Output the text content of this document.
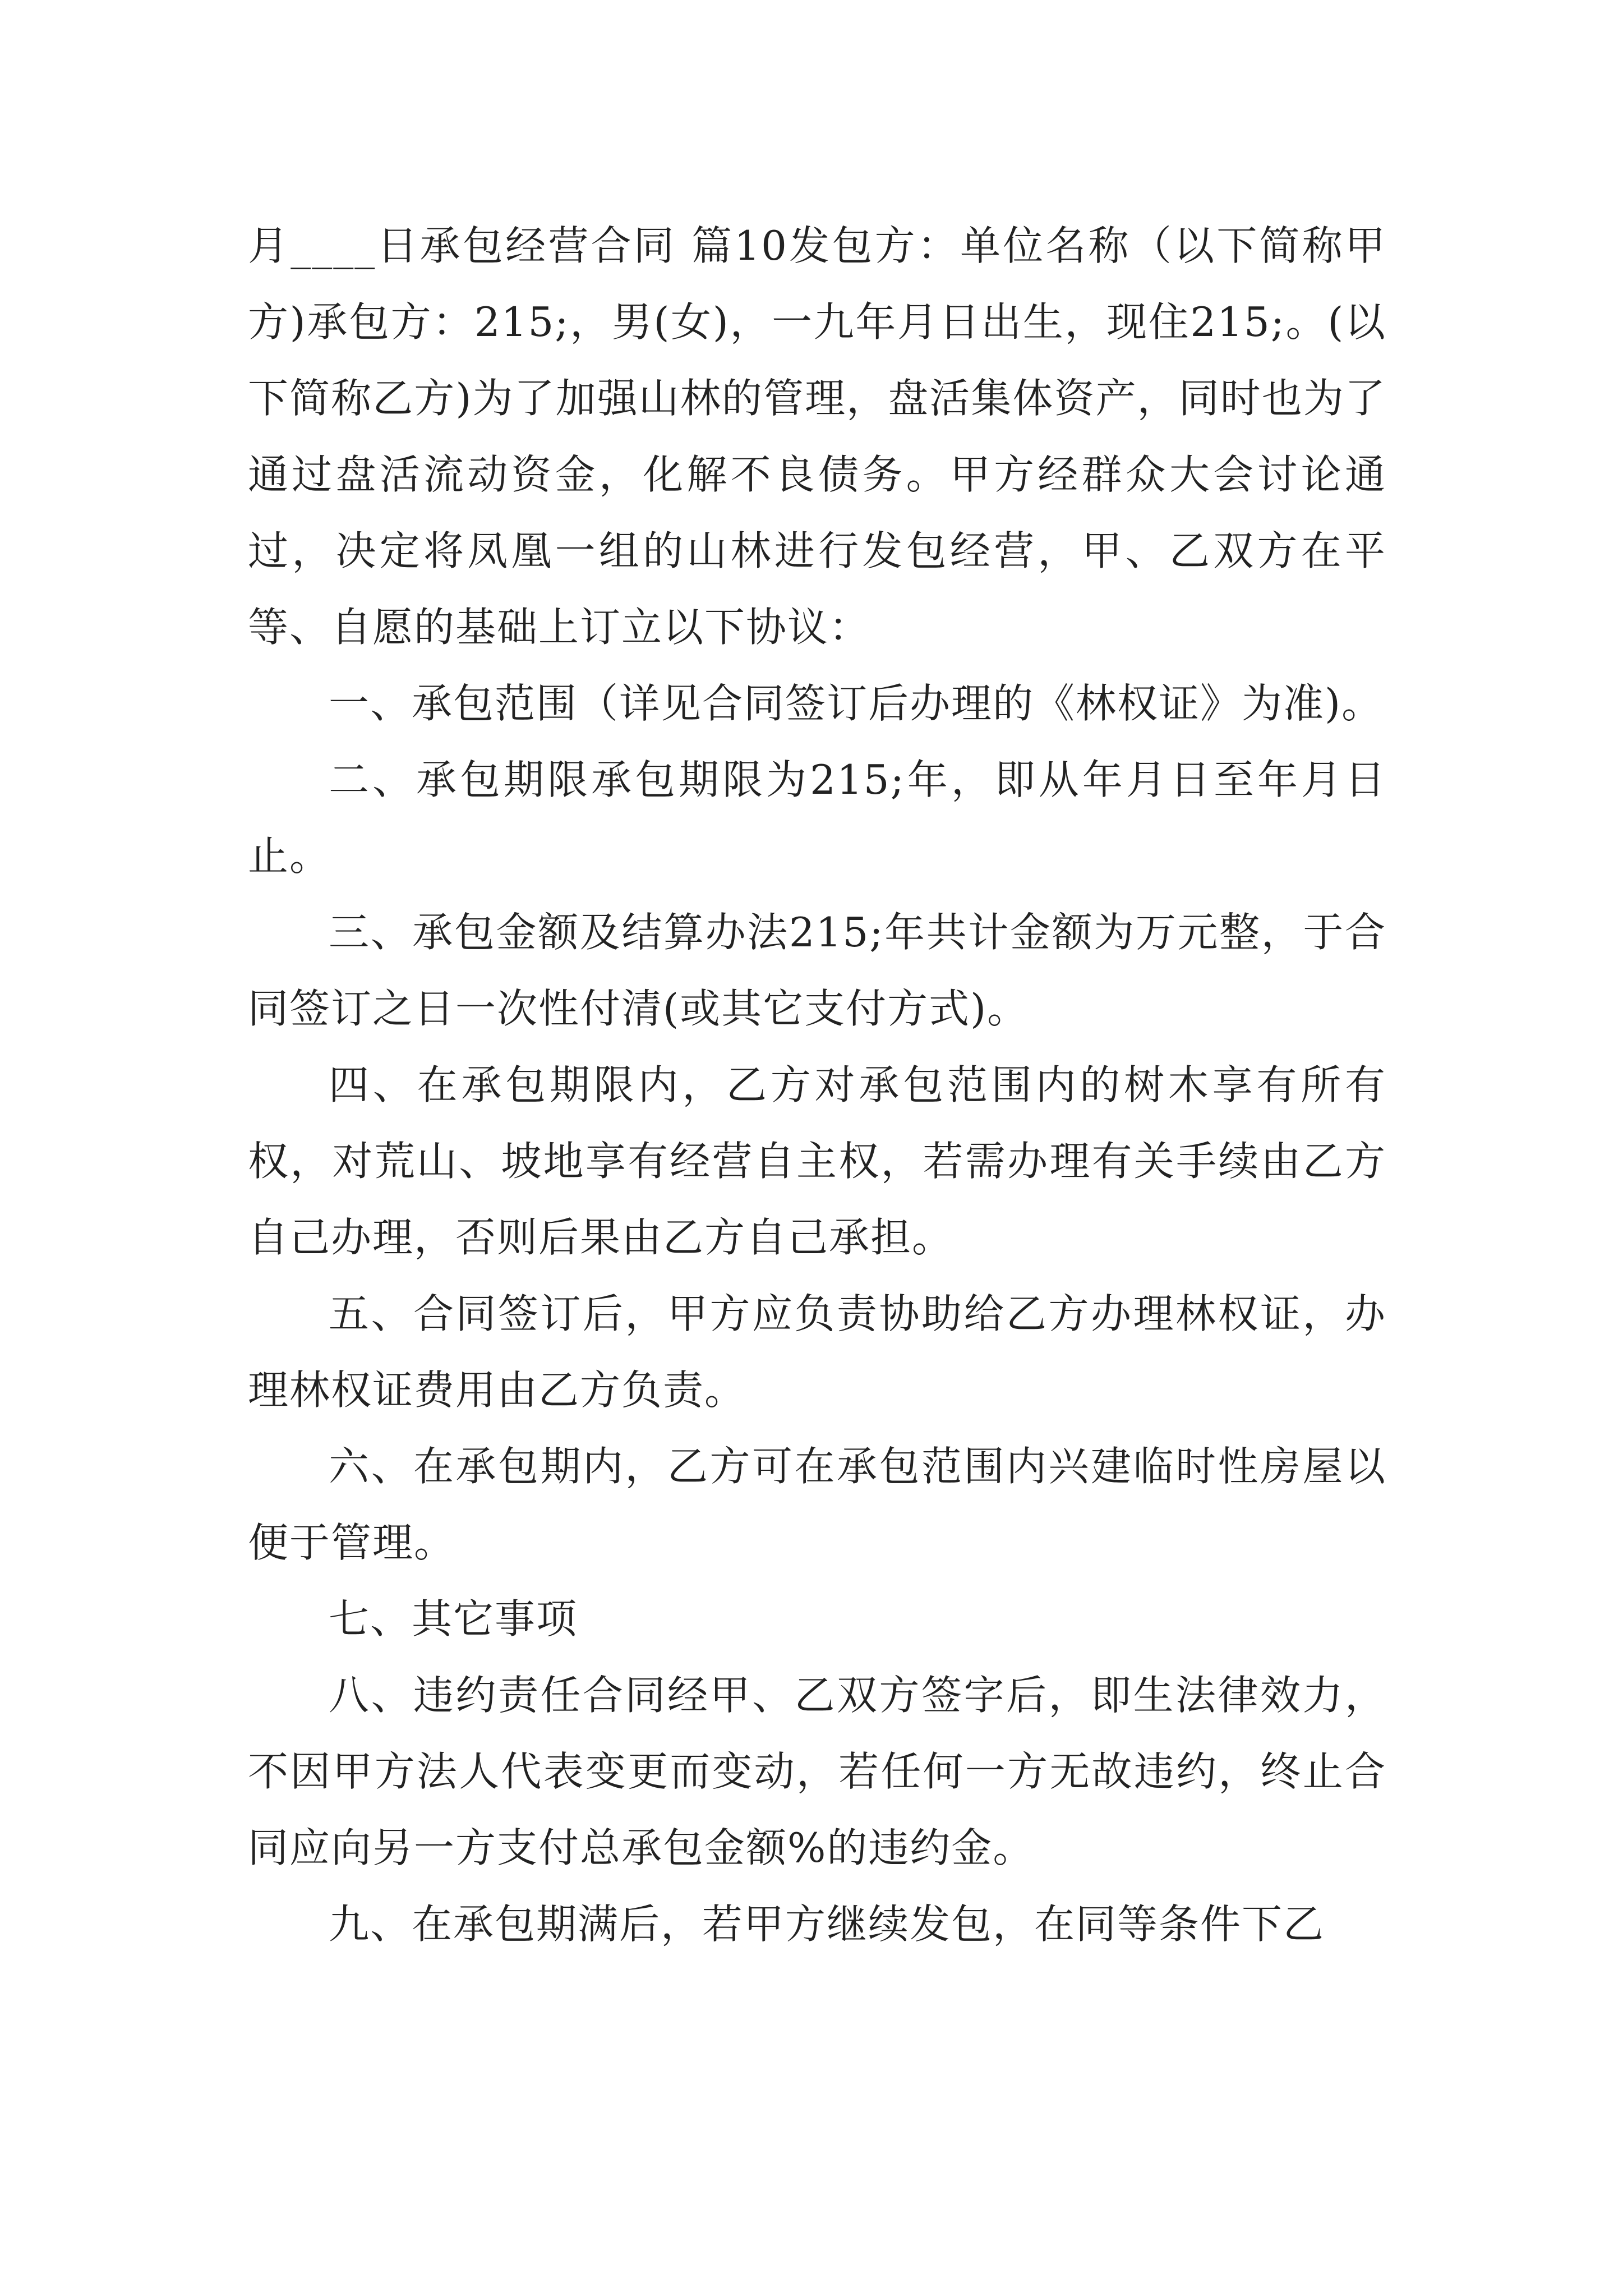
月____日承包经营合同 篇10发包方：单位名称（以下简称甲方)承包方：215;，男(女)，一九年月日出生，现住215;。(以下简称乙方)为了加强山林的管理，盘活集体资产，同时也为了通过盘活流动资金，化解不良债务。甲方经群众大会讨论通过，决定将凤凰一组的山林进行发包经营，甲、乙双方在平等、自愿的基础上订立以下协议：

一、承包范围（详见合同签订后办理的《林权证》为准)。

二、承包期限承包期限为215;年，即从年月日至年月日止。

三、承包金额及结算办法215;年共计金额为万元整，于合同签订之日一次性付清(或其它支付方式)。

四、在承包期限内，乙方对承包范围内的树木享有所有权，对荒山、坡地享有经营自主权，若需办理有关手续由乙方自己办理，否则后果由乙方自己承担。

五、合同签订后，甲方应负责协助给乙方办理林权证，办理林权证费用由乙方负责。

六、在承包期内，乙方可在承包范围内兴建临时性房屋以便于管理。

七、其它事项

八、违约责任合同经甲、乙双方签字后，即生法律效力，不因甲方法人代表变更而变动，若任何一方无故违约，终止合同应向另一方支付总承包金额%的违约金。

九、在承包期满后，若甲方继续发包，在同等条件下乙
